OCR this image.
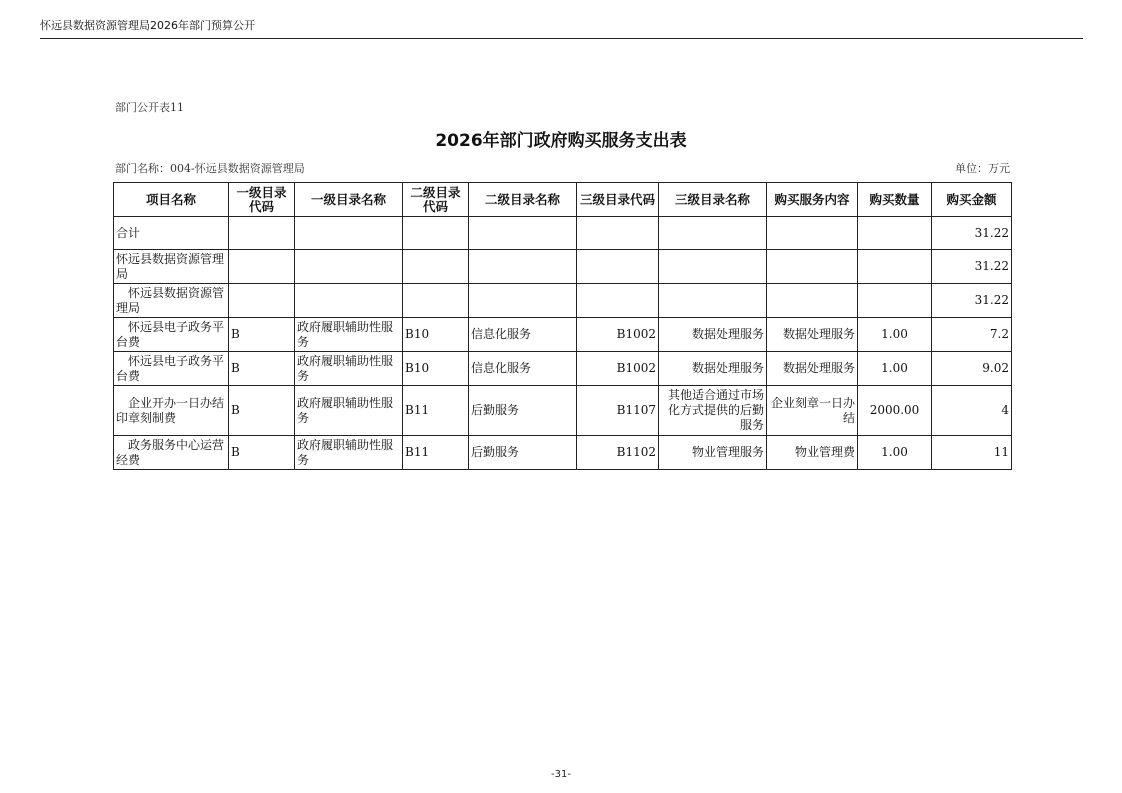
怀远县数据资源管理局2026年部门预算公开
部门公开表11
2026年部门政府购买服务支出表
部门名称：004-怀远县数据资源管理局	单位：万元
项目名称	一级目录代码	一级目录名称	二级目录代码	二级目录名称	三级目录代码	三级目录名称	购买服务内容	购买数量	购买金额
合计									31.22
怀远县数据资源管理局									31.22
怀远县数据资源管理局									31.22
怀远县电子政务平台费	B	政府履职辅助性服务	B10	信息化服务	B1002	数据处理服务	数据处理服务	1.00	7.2
怀远县电子政务平台费	B	政府履职辅助性服务	B10	信息化服务	B1002	数据处理服务	数据处理服务	1.00	9.02
企业开办一日办结印章刻制费	B	政府履职辅助性服务	B11	后勤服务	B1107	其他适合通过市场化方式提供的后勤服务	企业刻章一日办结	2000.00	4
政务服务中心运营经费	B	政府履职辅助性服务	B11	后勤服务	B1102	物业管理服务	物业管理费	1.00	11
-31-
